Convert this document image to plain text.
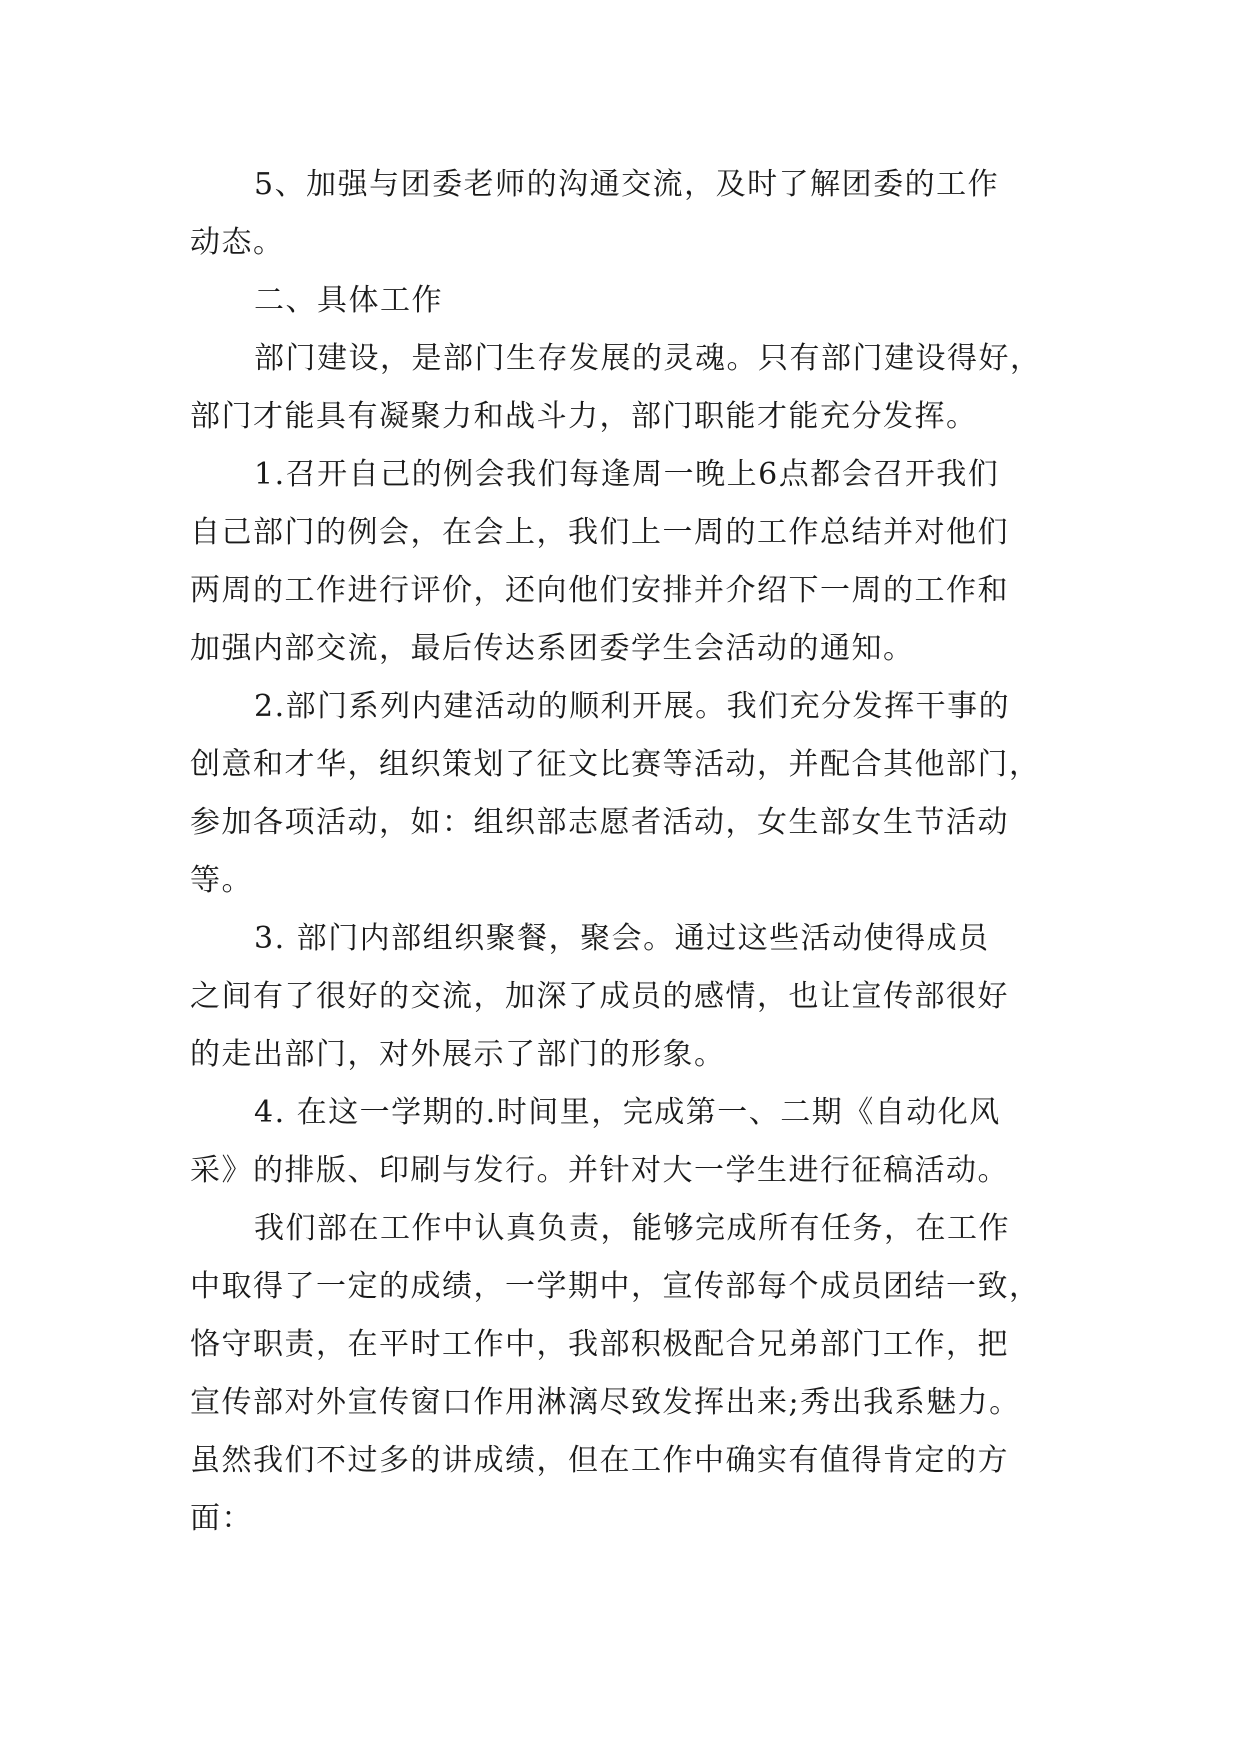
5、加强与团委老师的沟通交流，及时了解团委的工作
动态。
二、具体工作
部门建设，是部门生存发展的灵魂。只有部门建设得好，
部门才能具有凝聚力和战斗力，部门职能才能充分发挥。
1.召开自己的例会我们每逢周一晚上6点都会召开我们
自己部门的例会，在会上，我们上一周的工作总结并对他们
两周的工作进行评价，还向他们安排并介绍下一周的工作和
加强内部交流，最后传达系团委学生会活动的通知。
2.部门系列内建活动的顺利开展。我们充分发挥干事的
创意和才华，组织策划了征文比赛等活动，并配合其他部门，
参加各项活动，如：组织部志愿者活动，女生部女生节活动
等。
3. 部门内部组织聚餐，聚会。通过这些活动使得成员
之间有了很好的交流，加深了成员的感情，也让宣传部很好
的走出部门，对外展示了部门的形象。
4. 在这一学期的.时间里，完成第一、二期《自动化风
采》的排版、印刷与发行。并针对大一学生进行征稿活动。
我们部在工作中认真负责，能够完成所有任务，在工作
中取得了一定的成绩，一学期中，宣传部每个成员团结一致，
恪守职责，在平时工作中，我部积极配合兄弟部门工作，把
宣传部对外宣传窗口作用淋漓尽致发挥出来;秀出我系魅力。
虽然我们不过多的讲成绩，但在工作中确实有值得肯定的方
面：
